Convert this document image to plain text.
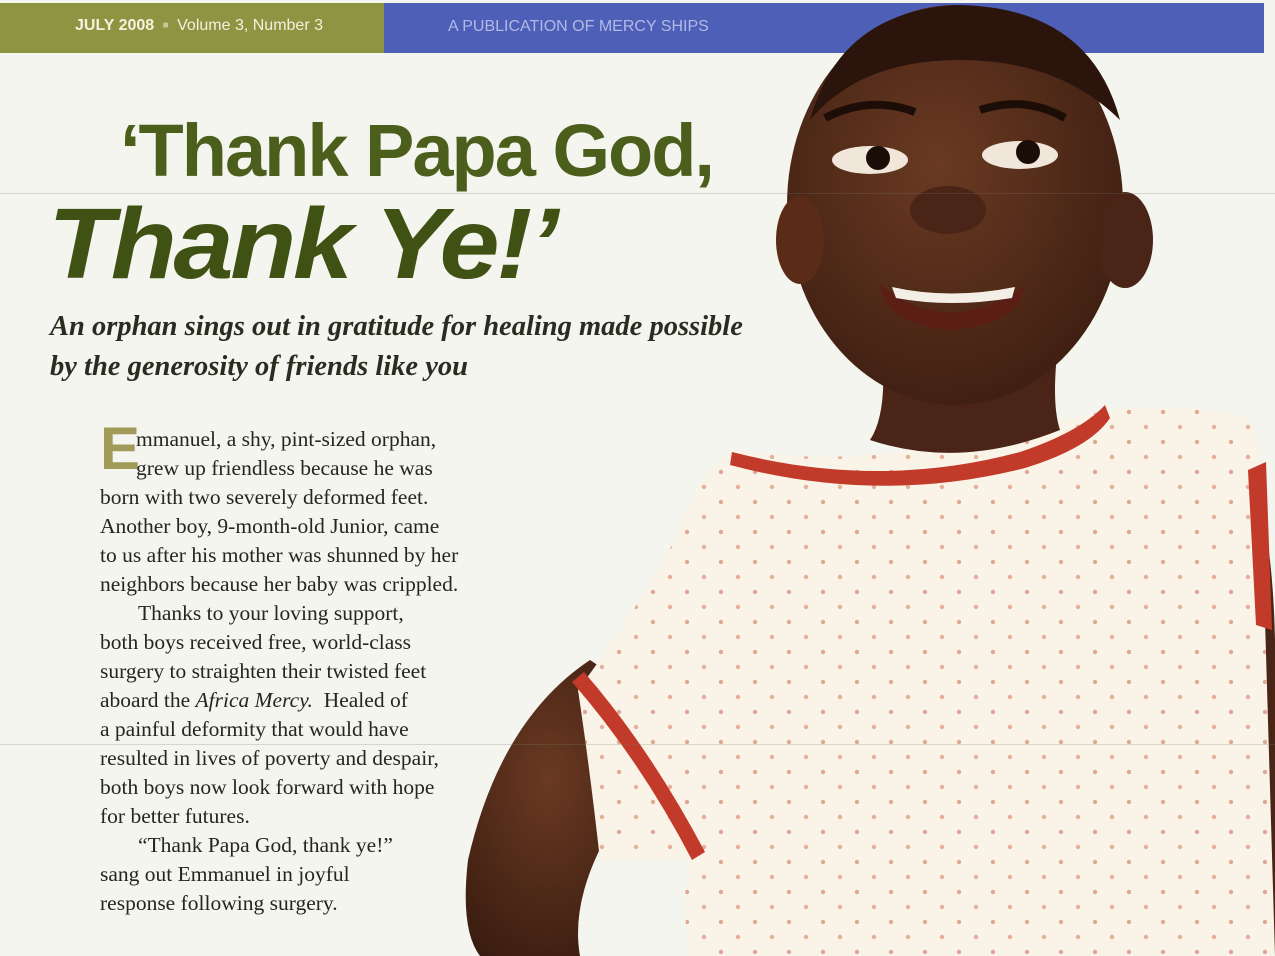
JULY 2008 ■ Volume 3, Number 3	A PUBLICATION OF MERCY SHIPS
‘Thank Papa God,
Thank Ye!’

An orphan sings out in gratitude for healing made possible by the generosity of friends like you

E
mmanuel, a shy, pint-sized orphan,
grew up friendless because he was
born with two severely deformed feet.
Another boy, 9-month-old Junior, came
to us after his mother was shunned by her
neighbors because her baby was crippled.
Thanks to your loving support,
both boys received free, world-class
surgery to straighten their twisted feet
aboard the Africa Mercy.  Healed of
a painful deformity that would have
resulted in lives of poverty and despair,
both boys now look forward with hope
for better futures.
“Thank Papa God, thank ye!”
sang out Emmanuel in joyful
response following surgery.
